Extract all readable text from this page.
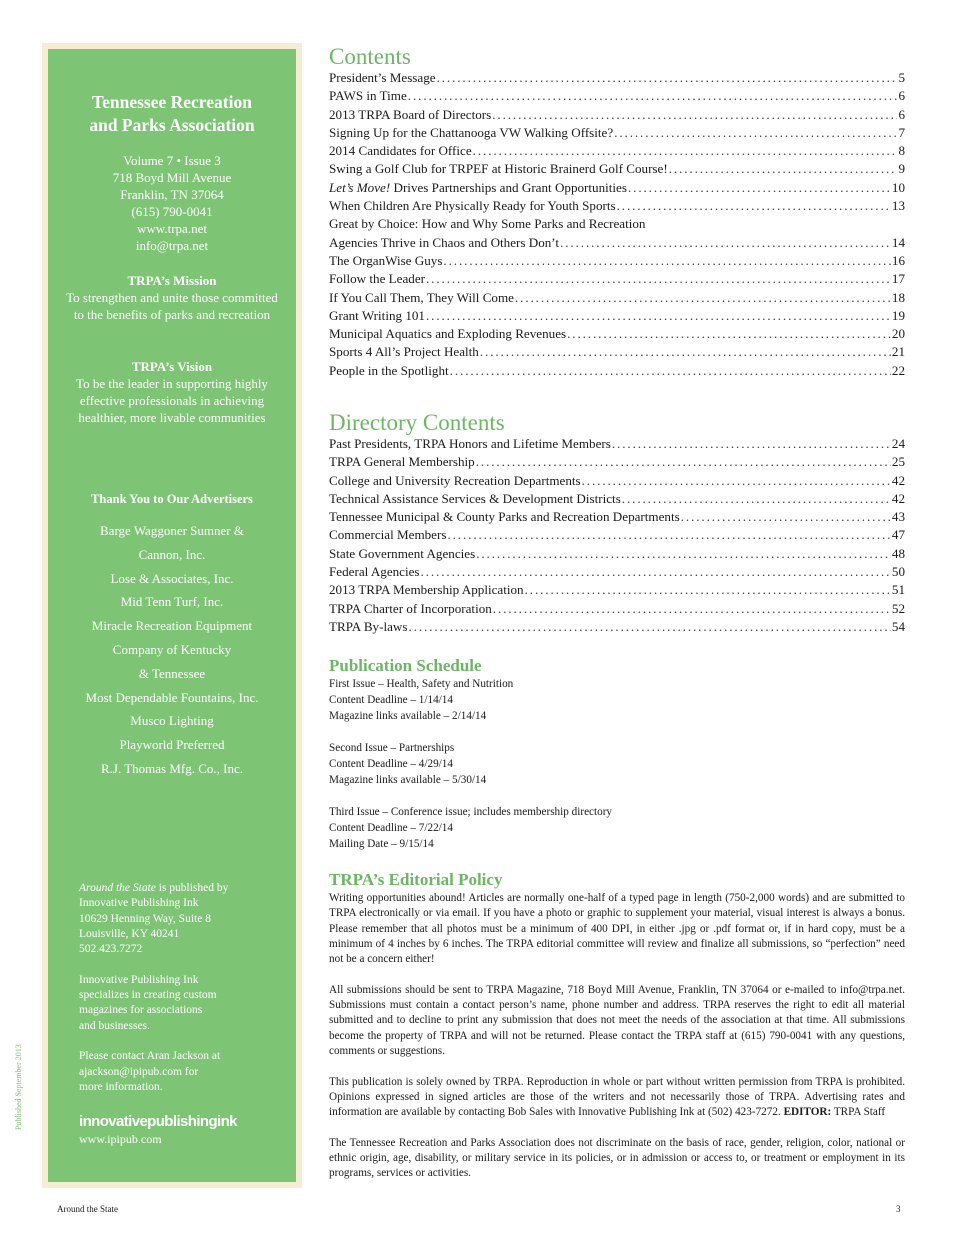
Tennessee Recreation
and Parks Association
Volume 7 • Issue 3
718 Boyd Mill Avenue
Franklin, TN 37064
(615) 790-0041
www.trpa.net
info@trpa.net
TRPA’s Mission
To strengthen and unite those committed to the benefits of parks and recreation
TRPA’s Vision
To be the leader in supporting highly effective professionals in achieving healthier, more livable communities
Thank You to Our Advertisers
Barge Waggoner Sumner &
Cannon, Inc.
Lose & Associates, Inc.
Mid Tenn Turf, Inc.
Miracle Recreation Equipment
Company of Kentucky
& Tennessee
Most Dependable Fountains, Inc.
Musco Lighting
Playworld Preferred
R.J. Thomas Mfg. Co., Inc.

Around the State is published by
Innovative Publishing Ink
10629 Henning Way, Suite 8
Louisville, KY 40241
502.423.7272

Innovative Publishing Ink
specializes in creating custom
magazines for associations
and businesses.

Please contact Aran Jackson at
ajackson@ipipub.com for
more information.

innovativepublishingink
www.ipipub.com
Published September 2013
Contents
President’s Message .....	5
PAWS in Time .....	6
2013 TRPA Board of Directors .....	6
Signing Up for the Chattanooga VW Walking Offsite? .....	7
2014 Candidates for Office .....	8
Swing a Golf Club for TRPEF at Historic Brainerd Golf Course! .....	9
Let’s Move! Drives Partnerships and Grant Opportunities .....	10
When Children Are Physically Ready for Youth Sports .....	13
Great by Choice: How and Why Some Parks and Recreation
Agencies Thrive in Chaos and Others Don’t .....	14
The OrganWise Guys .....	16
Follow the Leader .....	17
If You Call Them, They Will Come .....	18
Grant Writing 101 .....	19
Municipal Aquatics and Exploding Revenues .....	20
Sports 4 All’s Project Health .....	21
People in the Spotlight .....	22
Directory Contents
Past Presidents, TRPA Honors and Lifetime Members .....	24
TRPA General Membership .....	25
College and University Recreation Departments .....	42
Technical Assistance Services & Development Districts .....	42
Tennessee Municipal & County Parks and Recreation Departments .....	43
Commercial Members .....	47
State Government Agencies .....	48
Federal Agencies .....	50
2013 TRPA Membership Application .....	51
TRPA Charter of Incorporation .....	52
TRPA By-laws .....	54
Publication Schedule
First Issue – Health, Safety and Nutrition
Content Deadline – 1/14/14
Magazine links available – 2/14/14
Second Issue – Partnerships
Content Deadline – 4/29/14
Magazine links available – 5/30/14
Third Issue – Conference issue; includes membership directory
Content Deadline – 7/22/14
Mailing Date – 9/15/14
TRPA’s Editorial Policy

Writing opportunities abound! Articles are normally one-half of a typed page in length (750-2,000 words) and are submitted to TRPA electronically or via email. If you have a photo or graphic to supplement your material, visual interest is always a bonus. Please remember that all photos must be a minimum of 400 DPI, in either .jpg or .pdf format or, if in hard copy, must be a minimum of 4 inches by 6 inches. The TRPA editorial committee will review and finalize all submissions, so “perfection” need not be a concern either!

All submissions should be sent to TRPA Magazine, 718 Boyd Mill Avenue, Franklin, TN 37064 or e-mailed to info@trpa.net. Submissions must contain a contact person’s name, phone number and address. TRPA reserves the right to edit all material submitted and to decline to print any submission that does not meet the needs of the association at that time. All submissions become the property of TRPA and will not be returned. Please contact the TRPA staff at (615) 790-0041 with any questions, comments or suggestions.

This publication is solely owned by TRPA. Reproduction in whole or part without written permission from TRPA is prohibited. Opinions expressed in signed articles are those of the writers and not necessarily those of TRPA. Advertising rates and information are available by contacting Bob Sales with Innovative Publishing Ink at (502) 423-7272. EDITOR: TRPA Staff

The Tennessee Recreation and Parks Association does not discriminate on the basis of race, gender, religion, color, national or ethnic origin, age, disability, or military service in its policies, or in admission or access to, or treatment or employment in its programs, services or activities.

Around the State	3
